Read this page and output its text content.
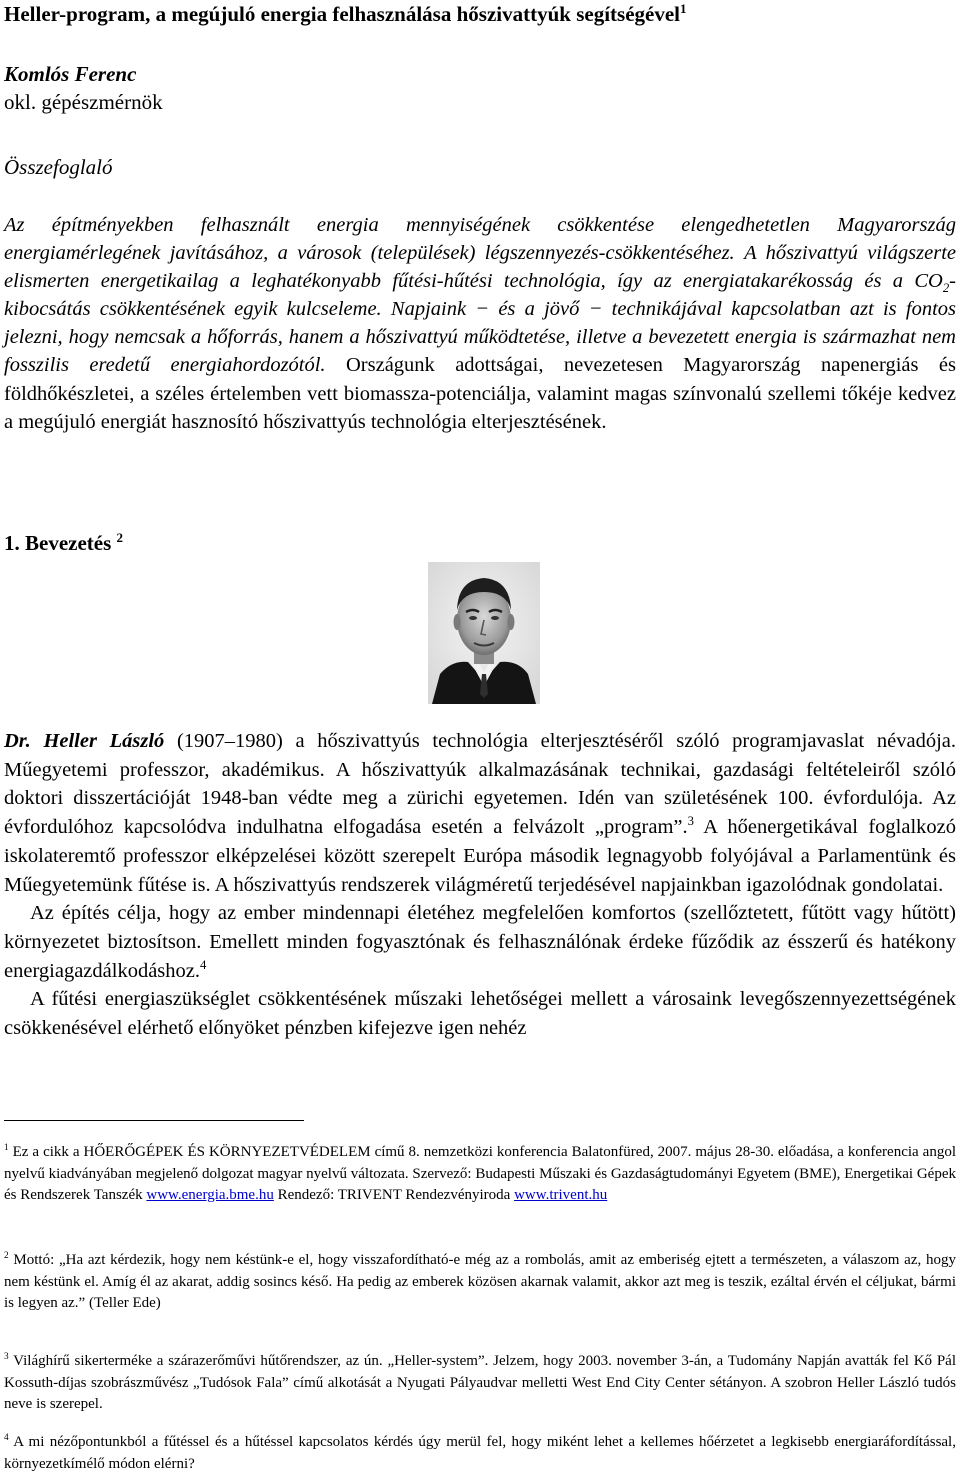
Heller-program, a megújuló energia felhasználása hőszivattyúk segítségével$^1$
Komlós Ferenc
okl. gépészmérnök
Összefoglaló
Az építményekben felhasznált energia mennyiségének csökkentése elengedhetetlen Magyarország energiamérlegének javításához, a városok (települések) légszennyezés-csökkentéséhez. A hőszivattyú világszerte elismerten energetikailag a leghatékonyabb fűtési-hűtési technológia, így az energiatakarékosság és a $CO_2$-kibocsátás csökkentésének egyik kulcseleme. Napjaink − és a jövő − technikájával kapcsolatban azt is fontos jelezni, hogy nemcsak a hőforrás, hanem a hőszivattyú működtetése, illetve a bevezetett energia is származhat nem fosszilis eredetű energiahordozótól. Országunk adottságai, nevezetesen Magyarország napenergiás és földhőkészletei, a széles értelemben vett biomassza-potenciálja, valamint magas színvonalú szellemi tőkéje kedvez a megújuló energiát hasznosító hőszivattyús technológia elterjesztésének.
1. Bevezetés $^2$

Dr. Heller László (1907–1980) a hőszivattyús technológia elterjesztéséről szóló programjavaslat névadója. Műegyetemi professzor, akadémikus. A hőszivattyúk alkalmazásának technikai, gazdasági feltételeiről szóló doktori disszertációját 1948-ban védte meg a zürichi egyetemen. Idén van születésének 100. évfordulója. Az évfordulóhoz kapcsolódva indulhatna elfogadása esetén a felvázolt „program”.$^3$ A hőenergetikával foglalkozó iskolateremtő professzor elképzelései között szerepelt Európa második legnagyobb folyójával a Parlamentünk és Műegyetemünk fűtése is. A hőszivattyús rendszerek világméretű terjedésével napjainkban igazolódnak gondolatai.

Az építés célja, hogy az ember mindennapi életéhez megfelelően komfortos (szellőztetett, fűtött vagy hűtött) környezetet biztosítson. Emellett minden fogyasztónak és felhasználónak érdeke fűződik az ésszerű és hatékony energiagazdálkodáshoz.$^4$

A fűtési energiaszükséglet csökkentésének műszaki lehetőségei mellett a városaink levegőszennyezettségének csökkenésével elérhető előnyöket pénzben kifejezve igen nehéz

$^1$ Ez a cikk a HŐERŐGÉPEK ÉS KÖRNYEZETVÉDELEM című 8. nemzetközi konferencia Balatonfüred, 2007. május 28-30. előadása, a konferencia angol nyelvű kiadványában megjelenő dolgozat magyar nyelvű változata. Szervező: Budapesti Műszaki és Gazdaságtudományi Egyetem (BME), Energetikai Gépek és Rendszerek Tanszék www.energia.bme.hu Rendező: TRIVENT Rendezvényiroda www.trivent.hu
$^2$ Mottó: „Ha azt kérdezik, hogy nem késtünk-e el, hogy visszafordítható-e még az a rombolás, amit az emberiség ejtett a természeten, a válaszom az, hogy nem késtünk el. Amíg él az akarat, addig sosincs késő. Ha pedig az emberek közösen akarnak valamit, akkor azt meg is teszik, ezáltal érvén el céljukat, bármi is legyen az.” (Teller Ede)
$^3$ Világhírű sikerterméke a szárazerőművi hűtőrendszer, az ún. „Heller-system”. Jelzem, hogy 2003. november 3-án, a Tudomány Napján avatták fel Kő Pál Kossuth-díjas szobrászművész „Tudósok Fala” című alkotását a Nyugati Pályaudvar melletti West End City Center sétányon. A szobron Heller László tudós neve is szerepel.
$^4$ A mi nézőpontunkból a fűtéssel és a hűtéssel kapcsolatos kérdés úgy merül fel, hogy miként lehet a kellemes hőérzetet a legkisebb energiaráfordítással, környezetkímélő módon elérni?
